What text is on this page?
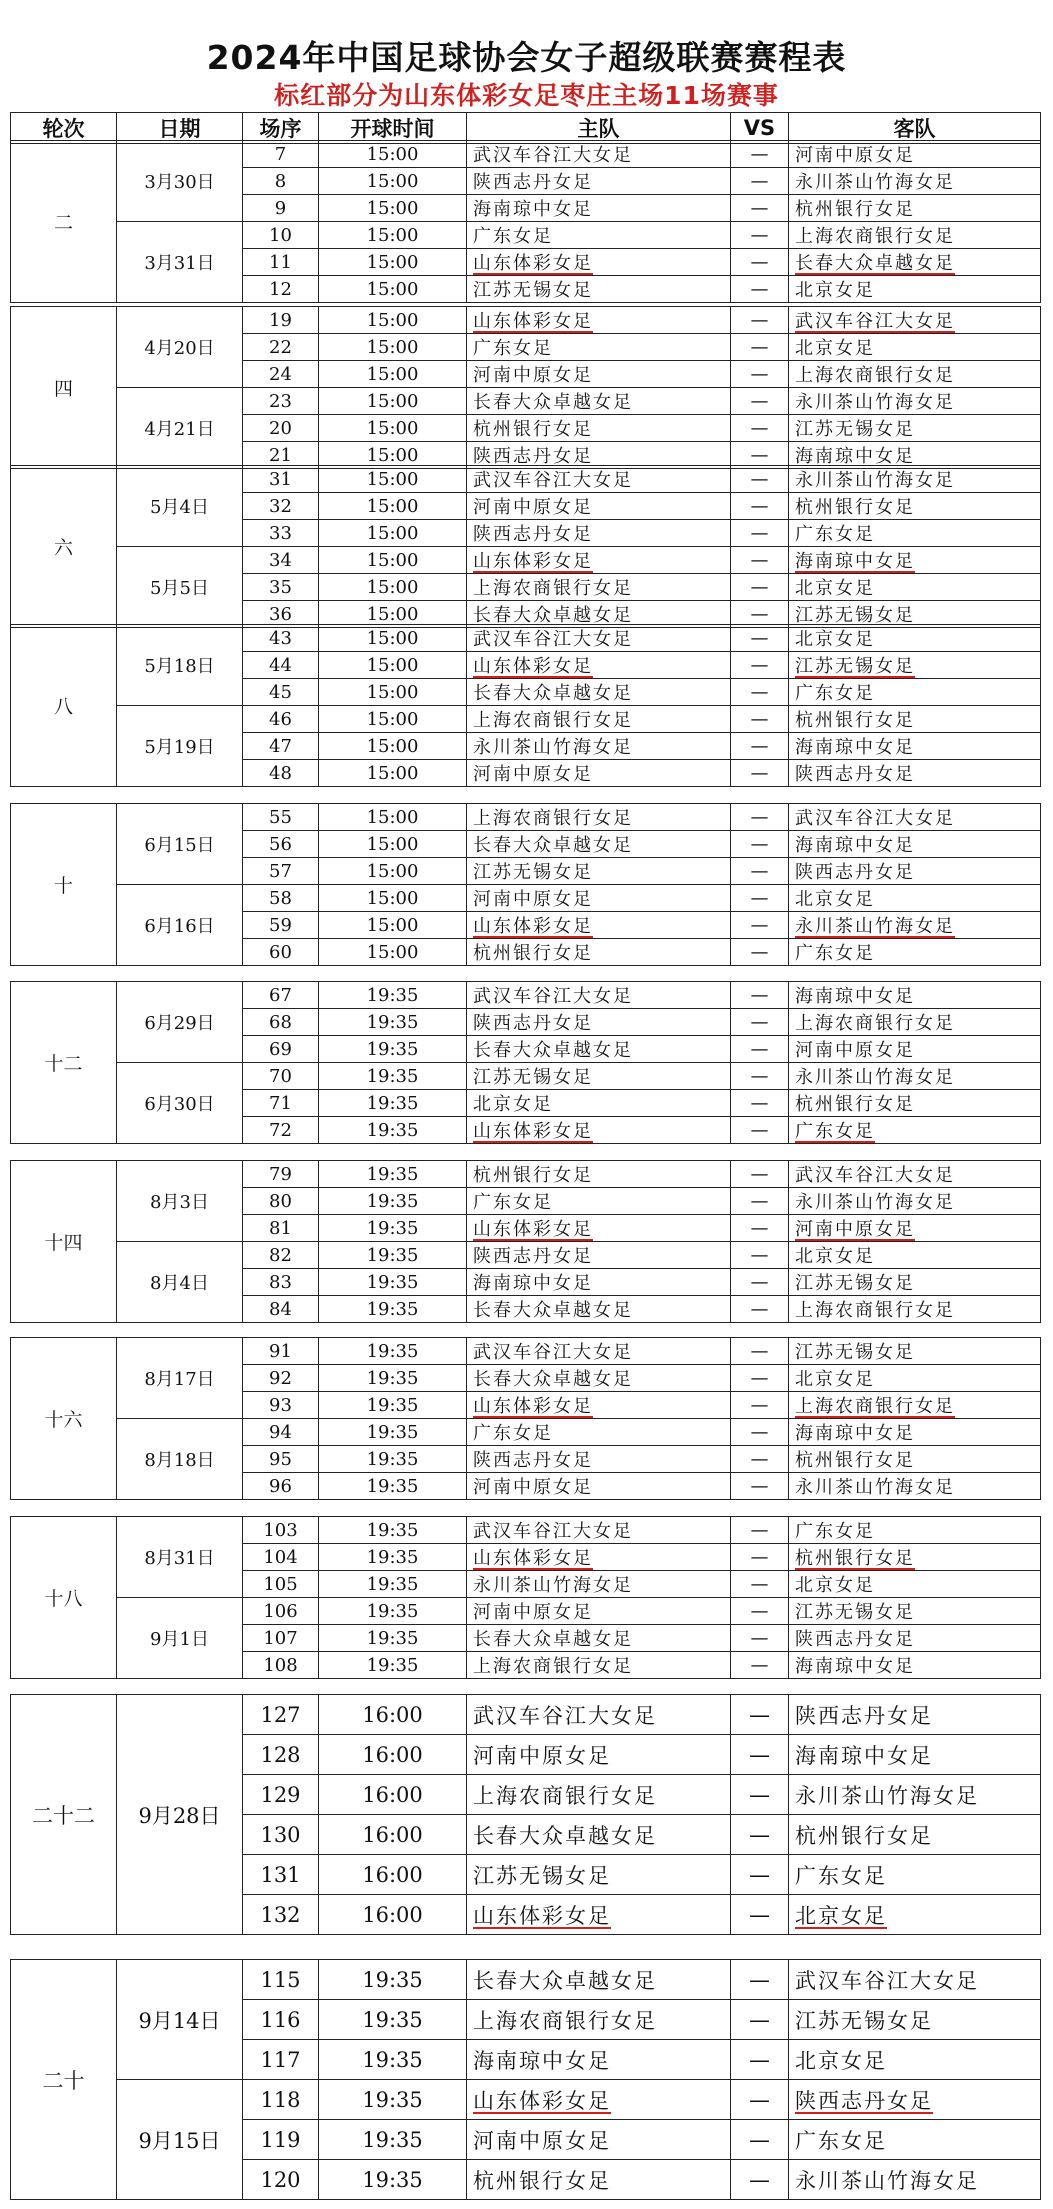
2024年中国足球协会女子超级联赛赛程表
标红部分为山东体彩女足枣庄主场11场赛事
轮次	日期	场序	开球时间	主队	VS	客队
二	3月30日	7	15:00	武汉车谷江大女足	—	河南中原女足
		8	15:00	陕西志丹女足	—	永川茶山竹海女足
		9	15:00	海南琼中女足	—	杭州银行女足
	3月31日	10	15:00	广东女足	—	上海农商银行女足
		11	15:00	山东体彩女足	—	长春大众卓越女足
		12	15:00	江苏无锡女足	—	北京女足
四	4月20日	19	15:00	山东体彩女足	—	武汉车谷江大女足
		22	15:00	广东女足	—	北京女足
		24	15:00	河南中原女足	—	上海农商银行女足
	4月21日	23	15:00	长春大众卓越女足	—	永川茶山竹海女足
		20	15:00	杭州银行女足	—	江苏无锡女足
		21	15:00	陕西志丹女足	—	海南琼中女足
六	5月4日	31	15:00	武汉车谷江大女足	—	永川茶山竹海女足
		32	15:00	河南中原女足	—	杭州银行女足
		33	15:00	陕西志丹女足	—	广东女足
	5月5日	34	15:00	山东体彩女足	—	海南琼中女足
		35	15:00	上海农商银行女足	—	北京女足
		36	15:00	长春大众卓越女足	—	江苏无锡女足
八	5月18日	43	15:00	武汉车谷江大女足	—	北京女足
		44	15:00	山东体彩女足	—	江苏无锡女足
		45	15:00	长春大众卓越女足	—	广东女足
	5月19日	46	15:00	上海农商银行女足	—	杭州银行女足
		47	15:00	永川茶山竹海女足	—	海南琼中女足
		48	15:00	河南中原女足	—	陕西志丹女足
十	6月15日	55	15:00	上海农商银行女足	—	武汉车谷江大女足
		56	15:00	长春大众卓越女足	—	海南琼中女足
		57	15:00	江苏无锡女足	—	陕西志丹女足
	6月16日	58	15:00	河南中原女足	—	北京女足
		59	15:00	山东体彩女足	—	永川茶山竹海女足
		60	15:00	杭州银行女足	—	广东女足
十二	6月29日	67	19:35	武汉车谷江大女足	—	海南琼中女足
		68	19:35	陕西志丹女足	—	上海农商银行女足
		69	19:35	长春大众卓越女足	—	河南中原女足
	6月30日	70	19:35	江苏无锡女足	—	永川茶山竹海女足
		71	19:35	北京女足	—	杭州银行女足
		72	19:35	山东体彩女足	—	广东女足
十四	8月3日	79	19:35	杭州银行女足	—	武汉车谷江大女足
		80	19:35	广东女足	—	永川茶山竹海女足
		81	19:35	山东体彩女足	—	河南中原女足
	8月4日	82	19:35	陕西志丹女足	—	北京女足
		83	19:35	海南琼中女足	—	江苏无锡女足
		84	19:35	长春大众卓越女足	—	上海农商银行女足
十六	8月17日	91	19:35	武汉车谷江大女足	—	江苏无锡女足
		92	19:35	长春大众卓越女足	—	北京女足
		93	19:35	山东体彩女足	—	上海农商银行女足
	8月18日	94	19:35	广东女足	—	海南琼中女足
		95	19:35	陕西志丹女足	—	杭州银行女足
		96	19:35	河南中原女足	—	永川茶山竹海女足
十八	8月31日	103	19:35	武汉车谷江大女足	—	广东女足
		104	19:35	山东体彩女足	—	杭州银行女足
		105	19:35	永川茶山竹海女足	—	北京女足
	9月1日	106	19:35	河南中原女足	—	江苏无锡女足
		107	19:35	长春大众卓越女足	—	陕西志丹女足
		108	19:35	上海农商银行女足	—	海南琼中女足
二十二	9月28日	127	16:00	武汉车谷江大女足	—	陕西志丹女足
		128	16:00	河南中原女足	—	海南琼中女足
		129	16:00	上海农商银行女足	—	永川茶山竹海女足
		130	16:00	长春大众卓越女足	—	杭州银行女足
		131	16:00	江苏无锡女足	—	广东女足
		132	16:00	山东体彩女足	—	北京女足
二十	9月14日	115	19:35	长春大众卓越女足	—	武汉车谷江大女足
		116	19:35	上海农商银行女足	—	江苏无锡女足
		117	19:35	海南琼中女足	—	北京女足
	9月15日	118	19:35	山东体彩女足	—	陕西志丹女足
		119	19:35	河南中原女足	—	广东女足
		120	19:35	杭州银行女足	—	永川茶山竹海女足
